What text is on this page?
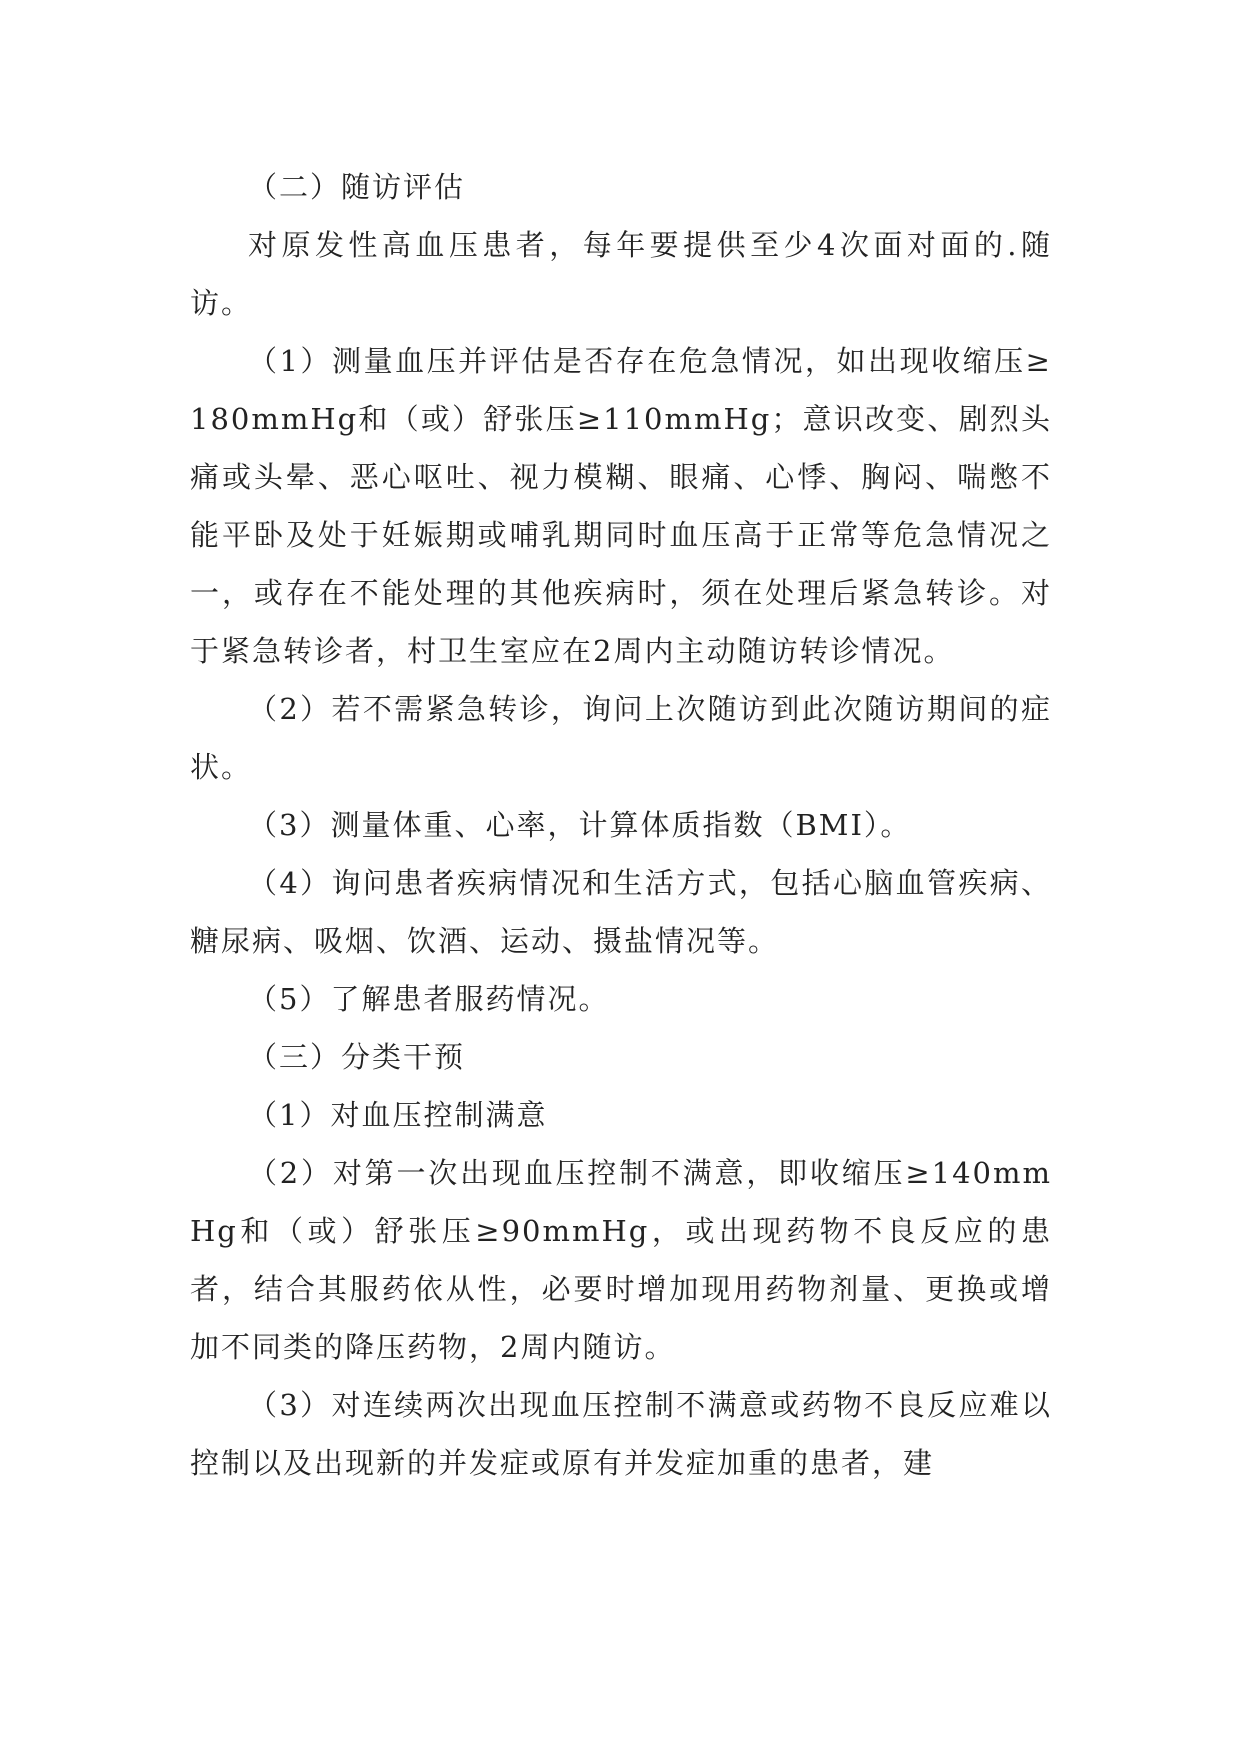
（二）随访评估

对原发性高血压患者，每年要提供至少4次面对面的.随访。

（1）测量血压并评估是否存在危急情况，如出现收缩压≥180mmHg和（或）舒张压≥110mmHg；意识改变、剧烈头痛或头晕、恶心呕吐、视力模糊、眼痛、心悸、胸闷、喘憋不能平卧及处于妊娠期或哺乳期同时血压高于正常等危急情况之一，或存在不能处理的其他疾病时，须在处理后紧急转诊。对于紧急转诊者，村卫生室应在2周内主动随访转诊情况。

（2）若不需紧急转诊，询问上次随访到此次随访期间的症状。

（3）测量体重、心率，计算体质指数（BMI）。

（4）询问患者疾病情况和生活方式，包括心脑血管疾病、糖尿病、吸烟、饮酒、运动、摄盐情况等。

（5）了解患者服药情况。

（三）分类干预

（1）对血压控制满意

（2）对第一次出现血压控制不满意，即收缩压≥140mmHg和（或）舒张压≥90mmHg，或出现药物不良反应的患者，结合其服药依从性，必要时增加现用药物剂量、更换或增加不同类的降压药物，2周内随访。

（3）对连续两次出现血压控制不满意或药物不良反应难以控制以及出现新的并发症或原有并发症加重的患者，建
